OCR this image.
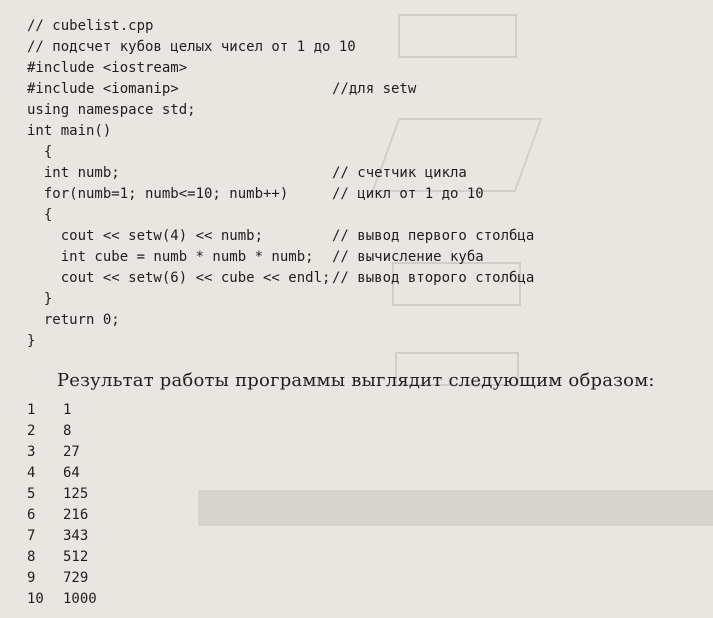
// cubelist.cpp
// подсчет кубов целых чисел от 1 до 10
#include <iostream>
#include <iomanip>	//для setw
using namespace std;
int main()
{
int numb;	// счетчик цикла
for(numb=1; numb<=10; numb++)	// цикл от 1 до 10
{
cout << setw(4) << numb;	// вывод первого столбца
int cube = numb * numb * numb; // вычисление куба
cout << setw(6) << cube << endl; // вывод второго столбца
}
return 0;
}
Результат работы программы выглядит следующим образом:
1 1
2 8
3 27
4 64
5 125
6 216
7 343
8 512
9 729
10 1000
